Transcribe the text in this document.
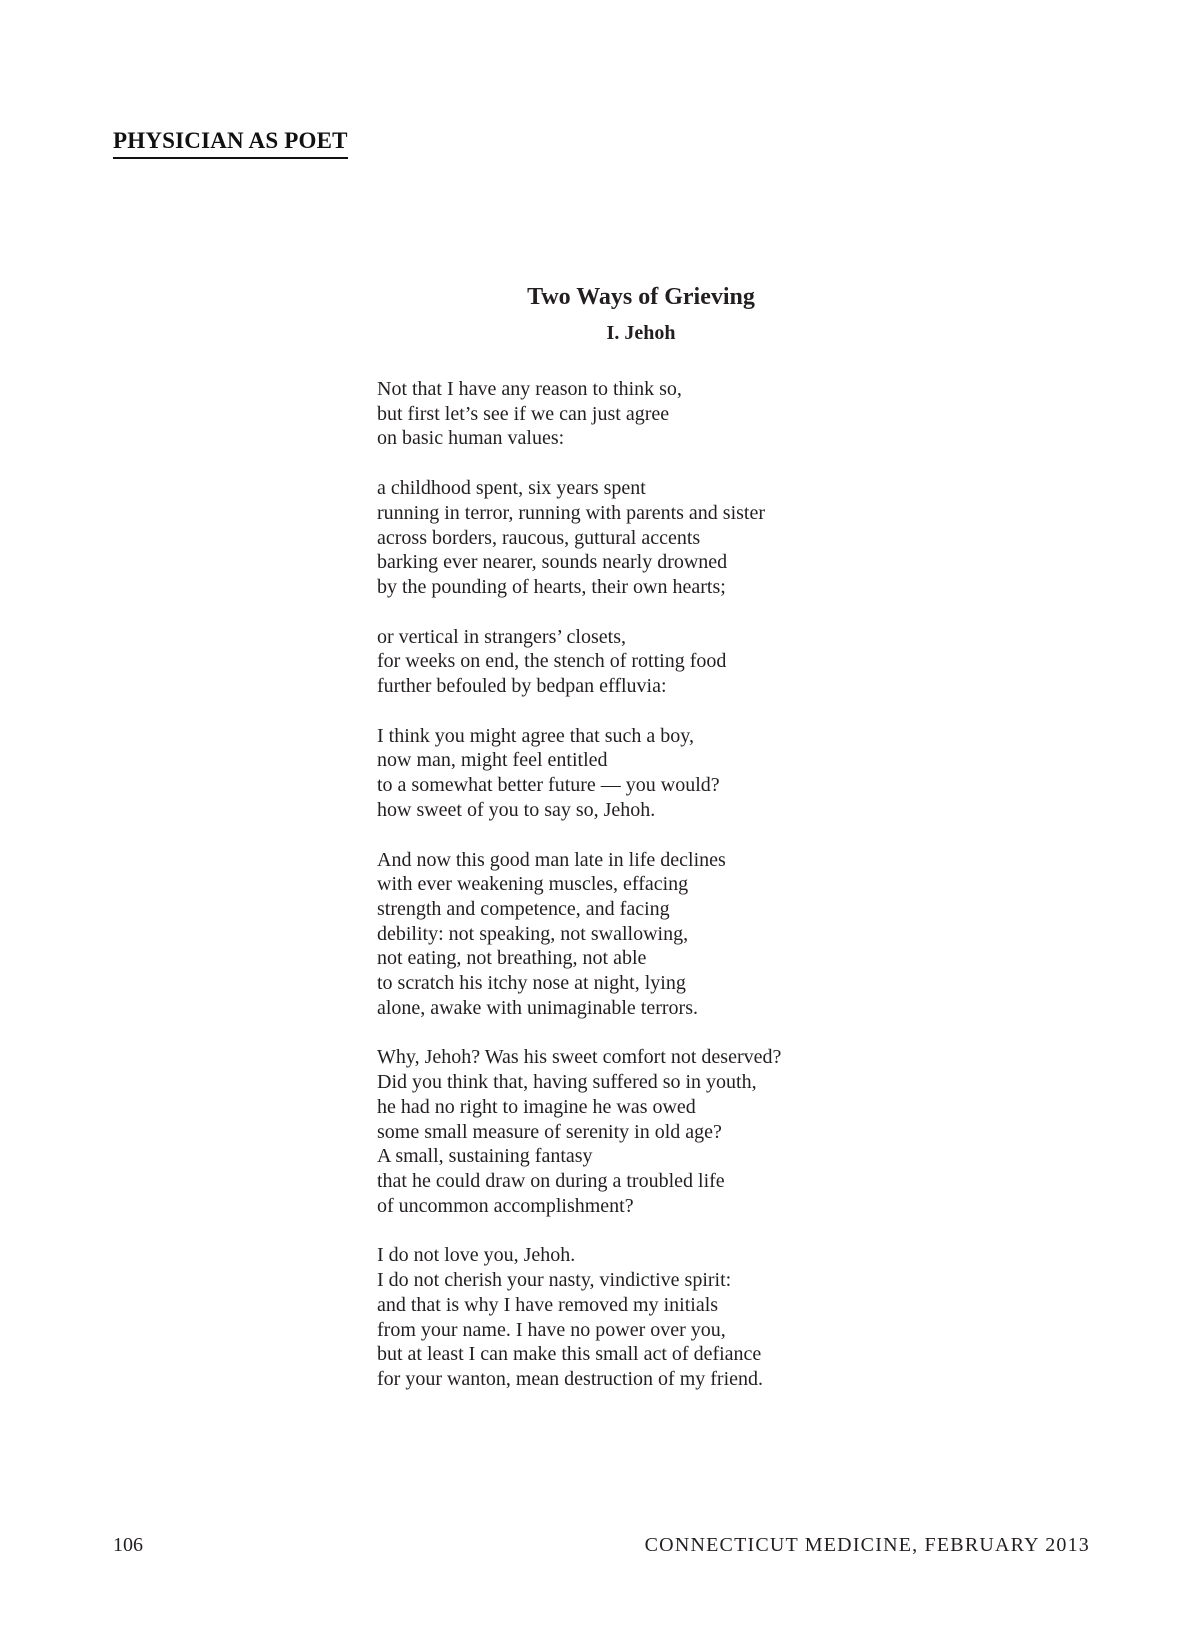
PHYSICIAN AS POET
Two Ways of Grieving
I. Jehoh
Not that I have any reason to think so,
but first let’s see if we can just agree
on basic human values:
a childhood spent, six years spent
running in terror, running with parents and sister
across borders, raucous, guttural accents
barking ever nearer, sounds nearly drowned
by the pounding of hearts, their own hearts;
or vertical in strangers’ closets,
for weeks on end, the stench of rotting food
further befouled by bedpan effluvia:
I think you might agree that such a boy,
now man, might feel entitled
to a somewhat better future — you would?
how sweet of you to say so, Jehoh.
And now this good man late in life declines
with ever weakening muscles, effacing
strength and competence, and facing
debility: not speaking, not swallowing,
not eating, not breathing, not able
to scratch his itchy nose at night, lying
alone, awake with unimaginable terrors.
Why, Jehoh? Was his sweet comfort not deserved?
Did you think that, having suffered so in youth,
he had no right to imagine he was owed
some small measure of serenity in old age?
A small, sustaining fantasy
that he could draw on during a troubled life
of uncommon accomplishment?
I do not love you, Jehoh.
I do not cherish your nasty, vindictive spirit:
and that is why I have removed my initials
from your name. I have no power over you,
but at least I can make this small act of defiance
for your wanton, mean destruction of my friend.
106	CONNECTICUT MEDICINE, FEBRUARY 2013
